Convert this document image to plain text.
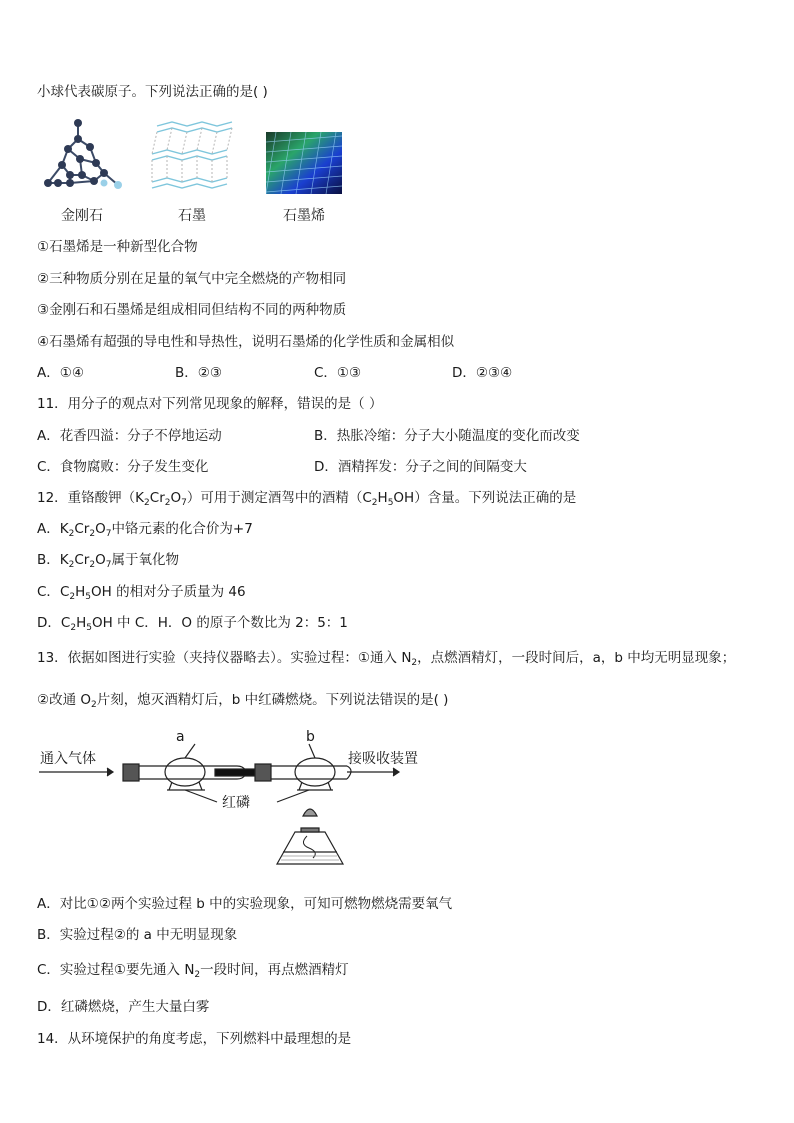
小球代表碳原子。下列说法正确的是( )
金刚石	石墨	石墨烯
①石墨烯是一种新型化合物
②三种物质分别在足量的氧气中完全燃烧的产物相同
③金刚石和石墨烯是组成相同但结构不同的两种物质
④石墨烯有超强的导电性和导热性，说明石墨烯的化学性质和金属相似
A．①④	B．②③	C．①③	D．②③④
11．用分子的观点对下列常见现象的解释，错误的是（ ）
A．花香四溢：分子不停地运动	B．热胀冷缩：分子大小随温度的变化而改变
C．食物腐败：分子发生变化	D．酒精挥发：分子之间的间隔变大
12．重铬酸钾$(K_2Cr_2O_7)$可用于测定酒驾中的酒精$(C_2H_5OH)$含量。下列说法正确的是
A．$K_2Cr_2O_7$中铬元素的化合价为+7
B．$K_2Cr_2O_7$属于氧化物
C．$C_2H_5OH$ 的相对分子质量为 46
D．$C_2H_5OH$ 中 C．H．O 的原子个数比为 2：5：1
13．依据如图进行实验（夹持仪器略去）。实验过程：①通入 $N_2$，点燃酒精灯，一段时间后，a，b 中均无明显现象；
②改通 $O_2$片刻，熄灭酒精灯后，b 中红磷燃烧。下列说法错误的是( )
通入气体	接吸收装置
a	b
红磷
A．对比①②两个实验过程 b 中的实验现象，可知可燃物燃烧需要氧气
B．实验过程②的 a 中无明显现象
C．实验过程①要先通入 $N_2$一段时间，再点燃酒精灯
D．红磷燃烧，产生大量白雾
14．从环境保护的角度考虑，下列燃料中最理想的是
